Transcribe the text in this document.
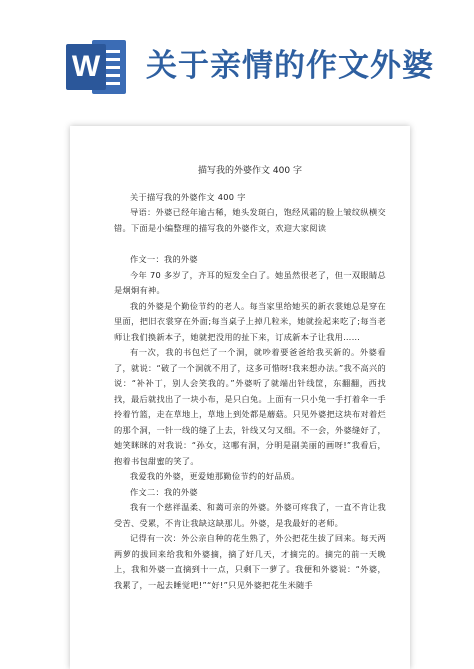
W 关于亲情的作文外婆
描写我的外婆作文 400 字

关于描写我的外婆作文 400 字

导语：外婆已经年逾古稀，她头发斑白，饱经风霜的脸上皱纹纵横交错。下面是小编整理的描写我的外婆作文，欢迎大家阅读

作文一：我的外婆

今年 70 多岁了，齐耳的短发全白了。她虽然很老了，但一双眼睛总是炯炯有神。

我的外婆是个勤俭节约的老人。每当家里给她买的新衣裳她总是穿在里面，把旧衣裳穿在外面;每当桌子上掉几粒米，她就捡起来吃了;每当老师让我们换新本子，她就把没用的扯下来，订成新本子让我用……

有一次，我的书包烂了一个洞，就吵着要爸爸给我买新的。外婆看了，就说：“破了一个洞就不用了，这多可惜呀!我来想办法。”我不高兴的说：“补补丁，别人会笑我的。”外婆听了就端出针线筐，东翻翻，西找找，最后就找出了一块小布，是只白兔。上面有一只小兔一手打着伞一手拎着竹篮，走在草地上，草地上到处都是蘑菇。只见外婆把这块布对着烂的那个洞，一针一线的缝了上去，针线又匀又细。不一会，外婆缝好了，她笑眯眯的对我说：“孙女，这哪有洞，分明是副美丽的画呀!”我看后，抱着书包甜蜜的笑了。

我爱我的外婆，更爱她那勤俭节约的好品质。

作文二：我的外婆

我有一个慈祥温柔、和蔼可亲的外婆。外婆可疼我了，一直不肯让我受苦、受累，不肯让我缺这缺那儿。外婆，是我最好的老师。

记得有一次：外公亲自种的花生熟了，外公把花生拔了回来。每天两两萝的拔回来给我和外婆摘，摘了好几天，才摘完的。摘完的前一天晚上，我和外婆一直摘到十一点，只剩下一萝了。我便和外婆说：“外婆，我累了，一起去睡觉吧!”“好!”只见外婆把花生米随手
